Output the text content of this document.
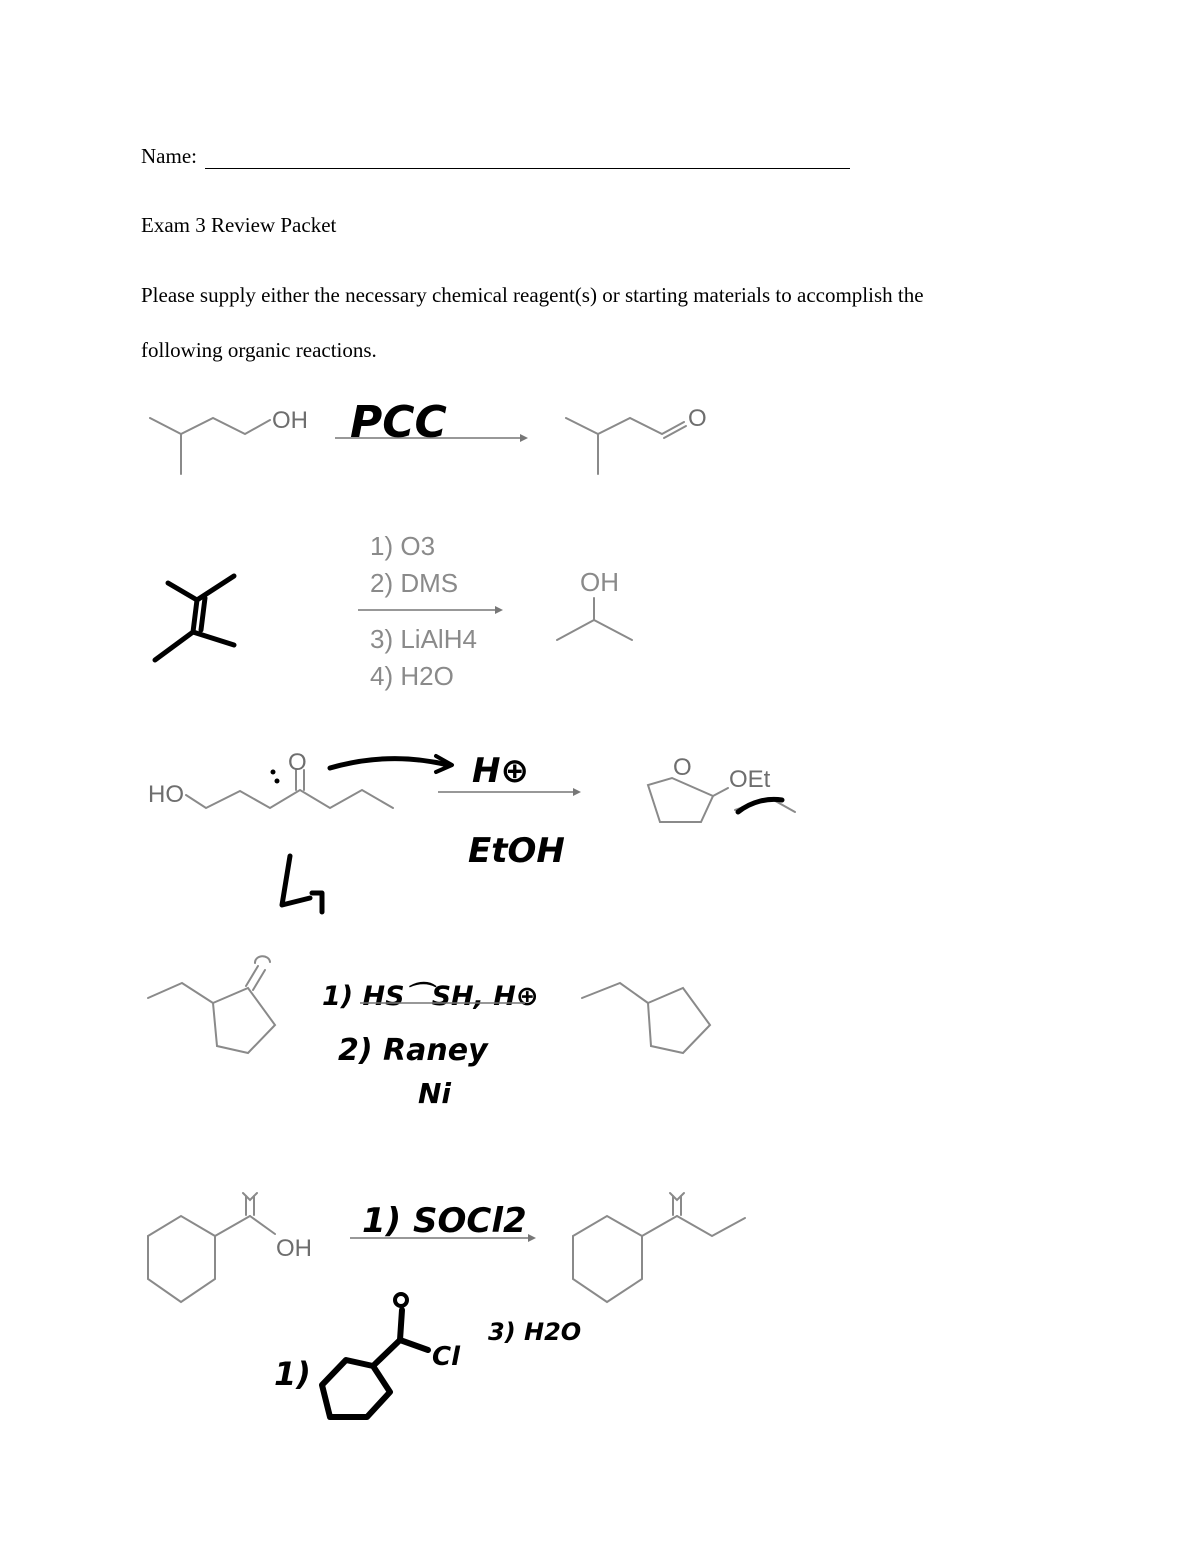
Name:
Exam 3 Review Packet
Please supply either the necessary chemical reagent(s) or starting materials to accomplish the
following organic reactions.
OH PCC	O
1) O3
2) DMS
3) LiAlH4
4) H2O
OH
HO
O	H⊕
EtOH
O OEt
1) HS⌒SH, H⊕
2) Raney
Ni
OH
1) SOCl2
1)	Cl
3) H2O
